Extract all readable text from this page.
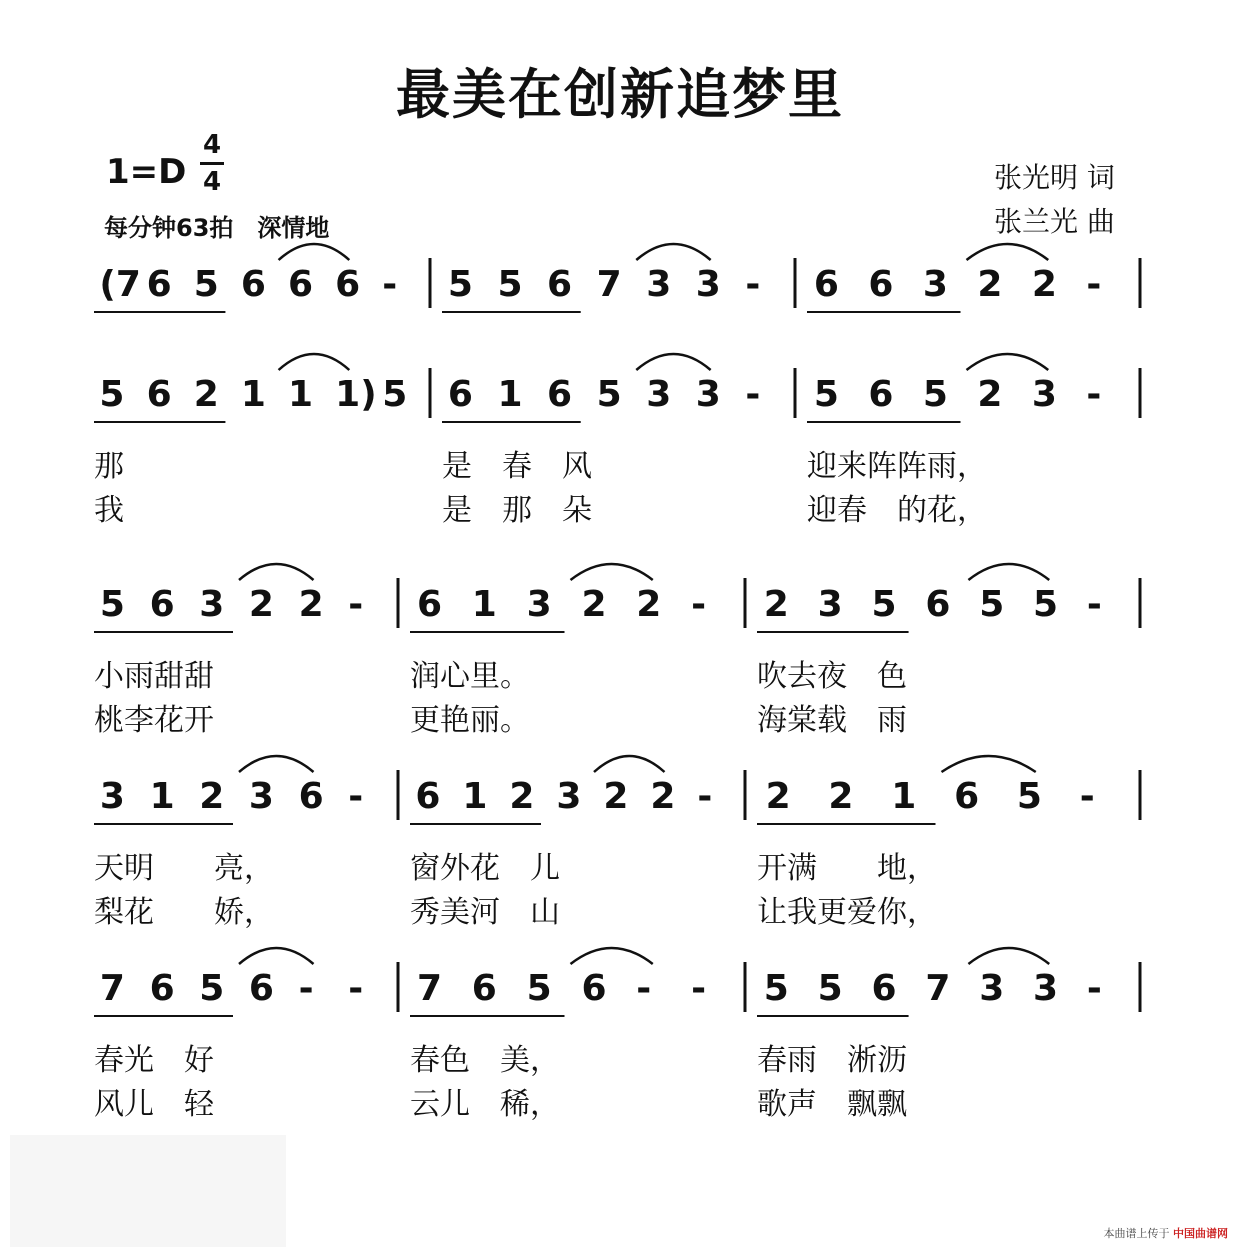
最美在创新追梦里
1=D
4
4
每分钟63拍　深情地
张光明 词
张兰光 曲
(7 6 5 6 6 6 - 5 5 6 7 3 3 - 6 6 3 2 2 -
5 6 2 1 1 1) 5
那
我
6 1 6 5 3 3 -
是　春　风
是　那　朵
5 6 5 2 3 -
迎来阵阵雨，
迎春　的花，
5 6 3 2 2 -
小雨甜甜
桃李花开
6 1 3 2 2 -
润心里。
更艳丽。
2 3 5 6 5 5 -
吹去夜　色
海棠载　雨
3 1 2 3 6 -
天明　　亮，
梨花　　娇，
6 1 2 3 2 2 -
窗外花　儿
秀美河　山
2 2 1 6 5 -
开满　　地，
让我更爱你，
7 6 5 6 - -
春光　好
风儿　轻
7 6 5 6 - -
春色　美，
云儿　稀，
5 5 6 7 3 3 -
春雨　淅沥
歌声　飘飘
本曲谱上传于 中国曲谱网
